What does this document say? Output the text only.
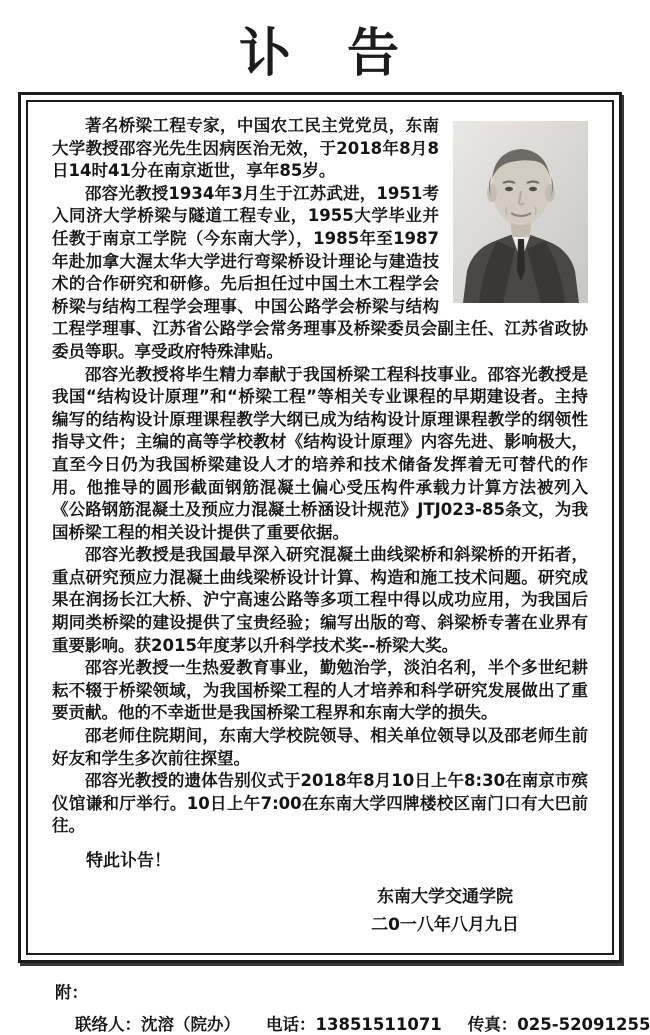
讣　告

著名桥梁工程专家，中国农工民主党党员，东南大学教授邵容光先生因病医治无效，于2018年8月8日14时41分在南京逝世，享年85岁。

邵容光教授1934年3月生于江苏武进，1951考入同济大学桥梁与隧道工程专业，1955大学毕业并任教于南京工学院（今东南大学），1985年至1987年赴加拿大渥太华大学进行弯梁桥设计理论与建造技术的合作研究和研修。先后担任过中国土木工程学会桥梁与结构工程学会理事、中国公路学会桥梁与结构工程学理事、江苏省公路学会常务理事及桥梁委员会副主任、江苏省政协委员等职。享受政府特殊津贴。

邵容光教授将毕生精力奉献于我国桥梁工程科技事业。邵容光教授是我国“结构设计原理”和“桥梁工程”等相关专业课程的早期建设者。主持编写的结构设计原理课程教学大纲已成为结构设计原理课程教学的纲领性指导文件；主编的高等学校教材《结构设计原理》内容先进、影响极大，直至今日仍为我国桥梁建设人才的培养和技术储备发挥着无可替代的作用。他推导的圆形截面钢筋混凝土偏心受压构件承载力计算方法被列入《公路钢筋混凝土及预应力混凝土桥涵设计规范》JTJ023-85条文，为我国桥梁工程的相关设计提供了重要依据。

邵容光教授是我国最早深入研究混凝土曲线梁桥和斜梁桥的开拓者，重点研究预应力混凝土曲线梁桥设计计算、构造和施工技术问题。研究成果在润扬长江大桥、沪宁高速公路等多项工程中得以成功应用，为我国后期同类桥梁的建设提供了宝贵经验；编写出版的弯、斜梁桥专著在业界有重要影响。获2015年度茅以升科学技术奖--桥梁大奖。

邵容光教授一生热爱教育事业，勤勉治学，淡泊名利，半个多世纪耕耘不辍于桥梁领域，为我国桥梁工程的人才培养和科学研究发展做出了重要贡献。他的不幸逝世是我国桥梁工程界和东南大学的损失。

邵老师住院期间，东南大学校院领导、相关单位领导以及邵老师生前好友和学生多次前往探望。

邵容光教授的遗体告别仪式于2018年8月10日上午8:30在南京市殡仪馆谦和厅举行。10日上午7:00在东南大学四牌楼校区南门口有大巴前往。

特此讣告！

东南大学交通学院
二0一八年八月九日

附：

联络人：沈溶（院办） 电话：13851511071 传真：025-52091255
